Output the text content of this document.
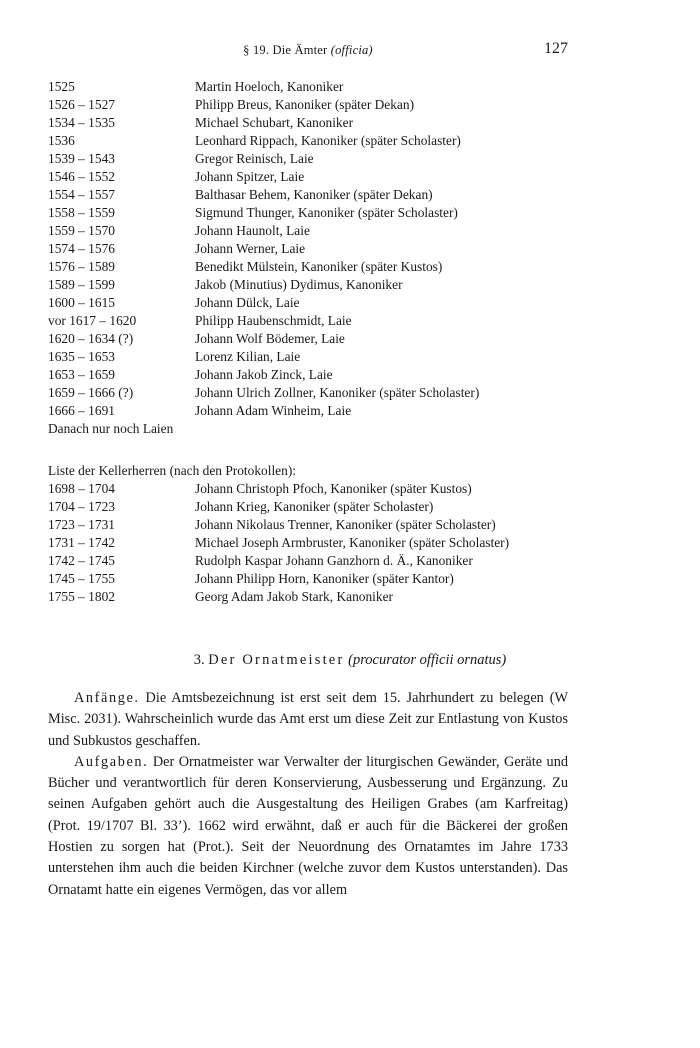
§ 19. Die Ämter (officia)	127
1525	Martin Hoeloch, Kanoniker
1526 – 1527	Philipp Breus, Kanoniker (später Dekan)
1534 – 1535	Michael Schubart, Kanoniker
1536	Leonhard Rippach, Kanoniker (später Scholaster)
1539 – 1543	Gregor Reinisch, Laie
1546 – 1552	Johann Spitzer, Laie
1554 – 1557	Balthasar Behem, Kanoniker (später Dekan)
1558 – 1559	Sigmund Thunger, Kanoniker (später Scholaster)
1559 – 1570	Johann Haunolt, Laie
1574 – 1576	Johann Werner, Laie
1576 – 1589	Benedikt Mülstein, Kanoniker (später Kustos)
1589 – 1599	Jakob (Minutius) Dydimus, Kanoniker
1600 – 1615	Johann Dülck, Laie
vor 1617 – 1620	Philipp Haubenschmidt, Laie
1620 – 1634 (?)	Johann Wolf Bödemer, Laie
1635 – 1653	Lorenz Kilian, Laie
1653 – 1659	Johann Jakob Zinck, Laie
1659 – 1666 (?)	Johann Ulrich Zollner, Kanoniker (später Scholaster)
1666 – 1691	Johann Adam Winheim, Laie
Danach nur noch Laien
Liste der Kellerherren (nach den Protokollen):
1698 – 1704	Johann Christoph Pfoch, Kanoniker (später Kustos)
1704 – 1723	Johann Krieg, Kanoniker (später Scholaster)
1723 – 1731	Johann Nikolaus Trenner, Kanoniker (später Scholaster)
1731 – 1742	Michael Joseph Armbruster, Kanoniker (später Scholaster)
1742 – 1745	Rudolph Kaspar Johann Ganzhorn d. Ä., Kanoniker
1745 – 1755	Johann Philipp Horn, Kanoniker (später Kantor)
1755 – 1802	Georg Adam Jakob Stark, Kanoniker
3. Der Ornatmeister (procurator officii ornatus)

Anfänge. Die Amtsbezeichnung ist erst seit dem 15. Jahrhundert zu belegen (W Misc. 2031). Wahrscheinlich wurde das Amt erst um diese Zeit zur Entlastung von Kustos und Subkustos geschaffen.

Aufgaben. Der Ornatmeister war Verwalter der liturgischen Gewänder, Geräte und Bücher und verantwortlich für deren Konservierung, Ausbesserung und Ergänzung. Zu seinen Aufgaben gehört auch die Ausgestaltung des Heiligen Grabes (am Karfreitag) (Prot. 19/1707 Bl. 33’). 1662 wird erwähnt, daß er auch für die Bäckerei der großen Hostien zu sorgen hat (Prot.). Seit der Neuordnung des Ornatamtes im Jahre 1733 unterstehen ihm auch die beiden Kirchner (welche zuvor dem Kustos unterstanden). Das Ornatamt hatte ein eigenes Vermögen, das vor allem
